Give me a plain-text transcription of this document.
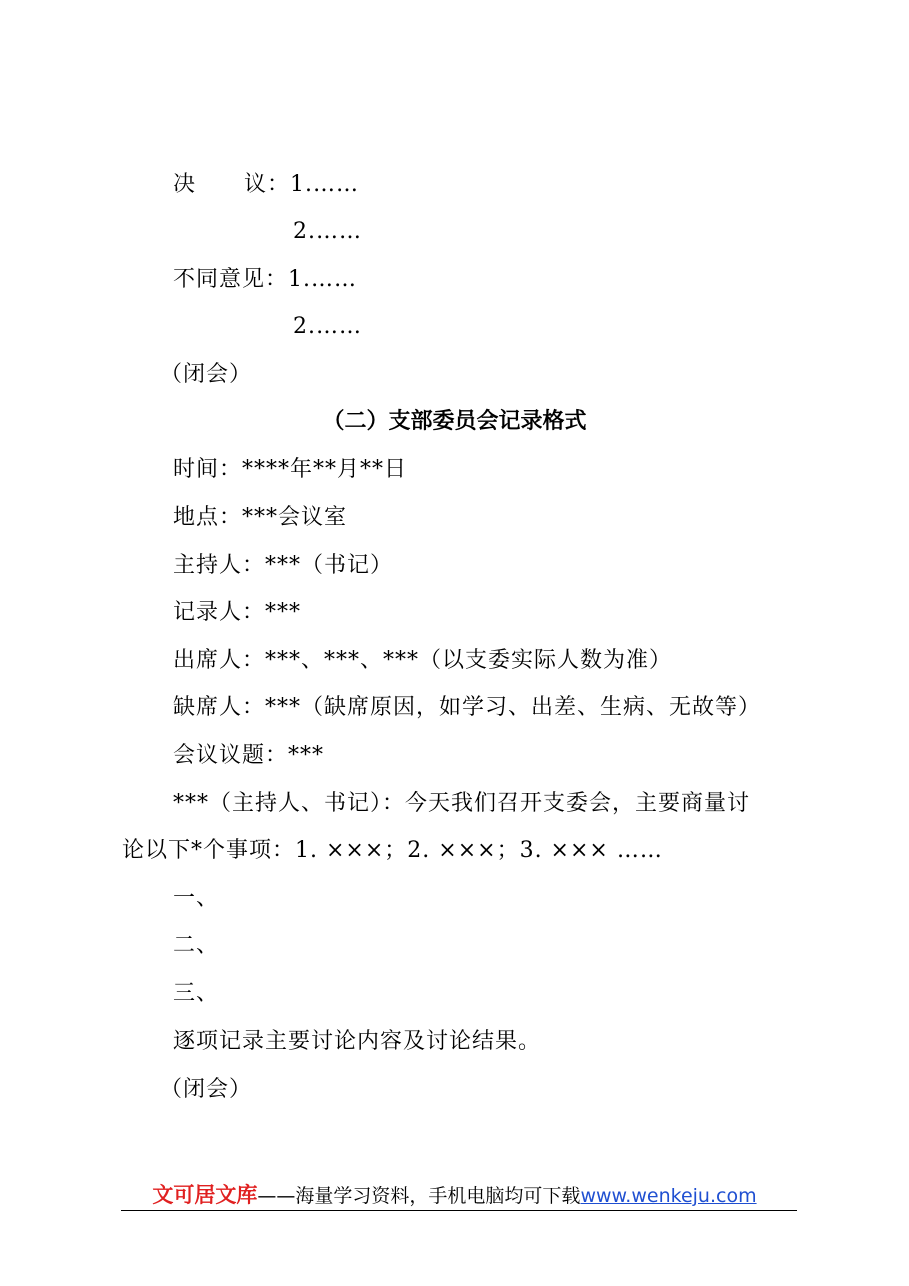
决 议：1.……
2.……
不同意见：1.……
2.……
（闭会）
（二）支部委员会记录格式
时间：****年**月**日
地点：***会议室
主持人：***（书记）
记录人：***
出席人：***、***、***（以支委实际人数为准）
缺席人：***（缺席原因，如学习、出差、生病、无故等）
会议议题：***
***（主持人、书记）：今天我们召开支委会，主要商量讨
论以下*个事项：1. ×××；2. ×××；3. ××× ……
一、
二、
三、
逐项记录主要讨论内容及讨论结果。
（闭会）
文可居文库——海量学习资料，手机电脑均可下载www.wenkeju.com
